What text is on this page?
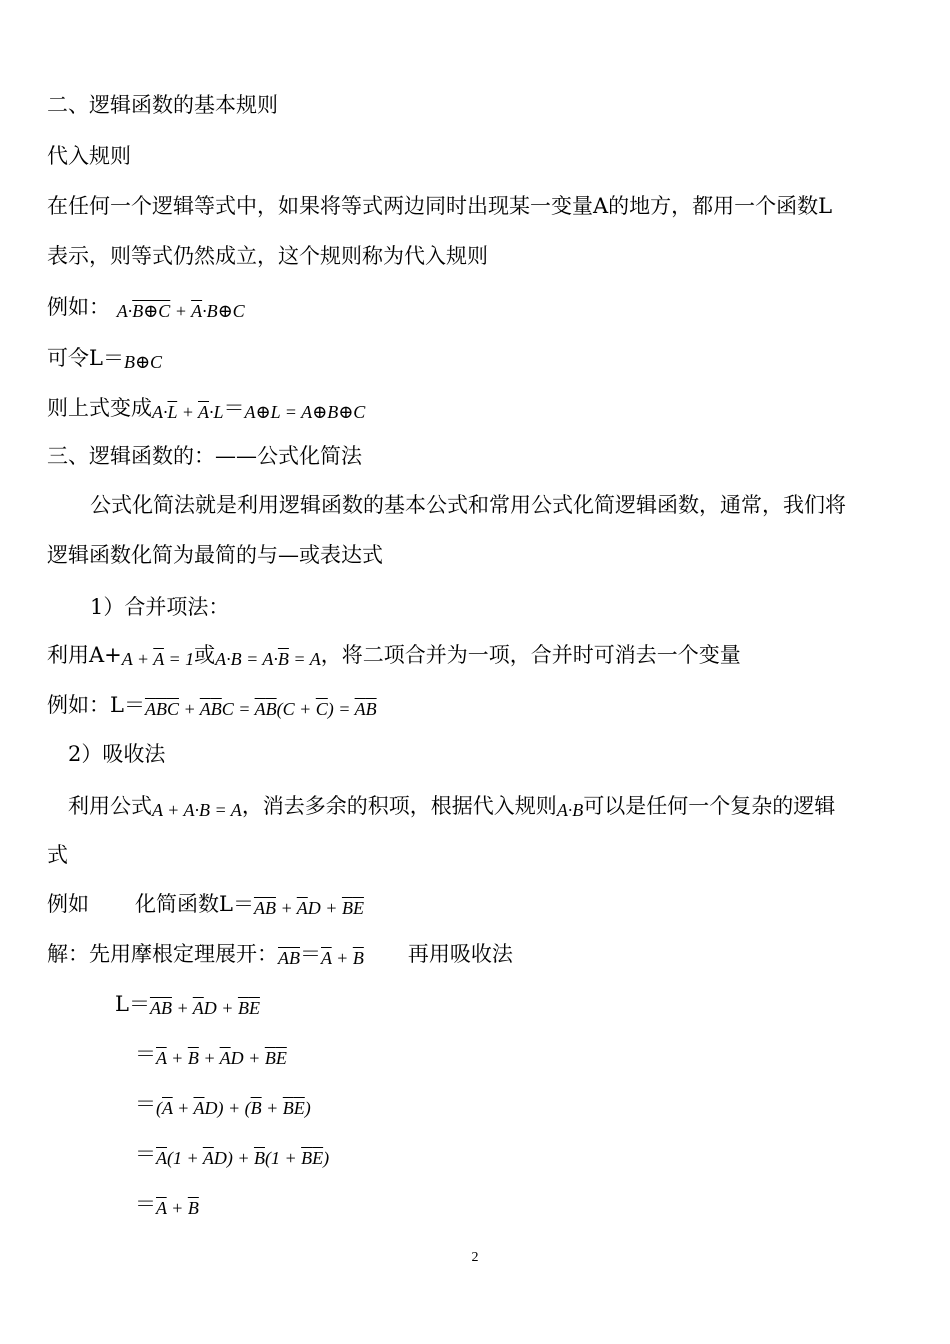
二、逻辑函数的基本规则
代入规则
在任何一个逻辑等式中，如果将等式两边同时出现某一变量A的地方，都用一个函数L
表示，则等式仍然成立，这个规则称为代入规则
例如： A·B⊕C + $\overline{A}\cdot B\oplus C$
可令L＝B⊕C
则上式变成$A\cdot\overline{L}$ + $\overline{A}\cdot L=A\oplus L$ = A⊕B⊕C
三、逻辑函数的：——公式化简法
公式化简法就是利用逻辑函数的基本公式和常用公式化简逻辑函数，通常，我们将
逻辑函数化简为最简的与—或表达式
1）合并项法：
利用$A+A + \overline{A} = 1$或$A\cdot B = A\cdot\overline{B} = A$，将二项合并为一项，合并时可消去一个变量
例如：$L=\overline{A}\overline{B}\overline{C} + \overline{A}\overline{B}C = \overline{A}\overline{B}(C + \overline{C}) = \overline{A}\overline{B}$
2）吸收法
利用公式A + A·B = A，消去多余的积项，根据代入规则A·B可以是任何一个复杂的逻辑
式
例如 化简函数$L=\overline{AB} + \overline{A}D + \overline{B}\overline{E}$
解：先用摩根定理展开：$\overline{AB}=\overline{A} + \overline{B}$ 再用吸收法
$L=\overline{AB} + \overline{A}D + \overline{B}\overline{E}$
$=\overline{A} + \overline{B} + \overline{A}D + \overline{B}\overline{E}$
$=(\overline{A} + \overline{A}D) + (\overline{B} + \overline{B}\overline{E})$
$=\overline{A}(1 + \overline{A}D) + \overline{B}(1 + \overline{B}\overline{E})$
$=\overline{A} + \overline{B}$
2
